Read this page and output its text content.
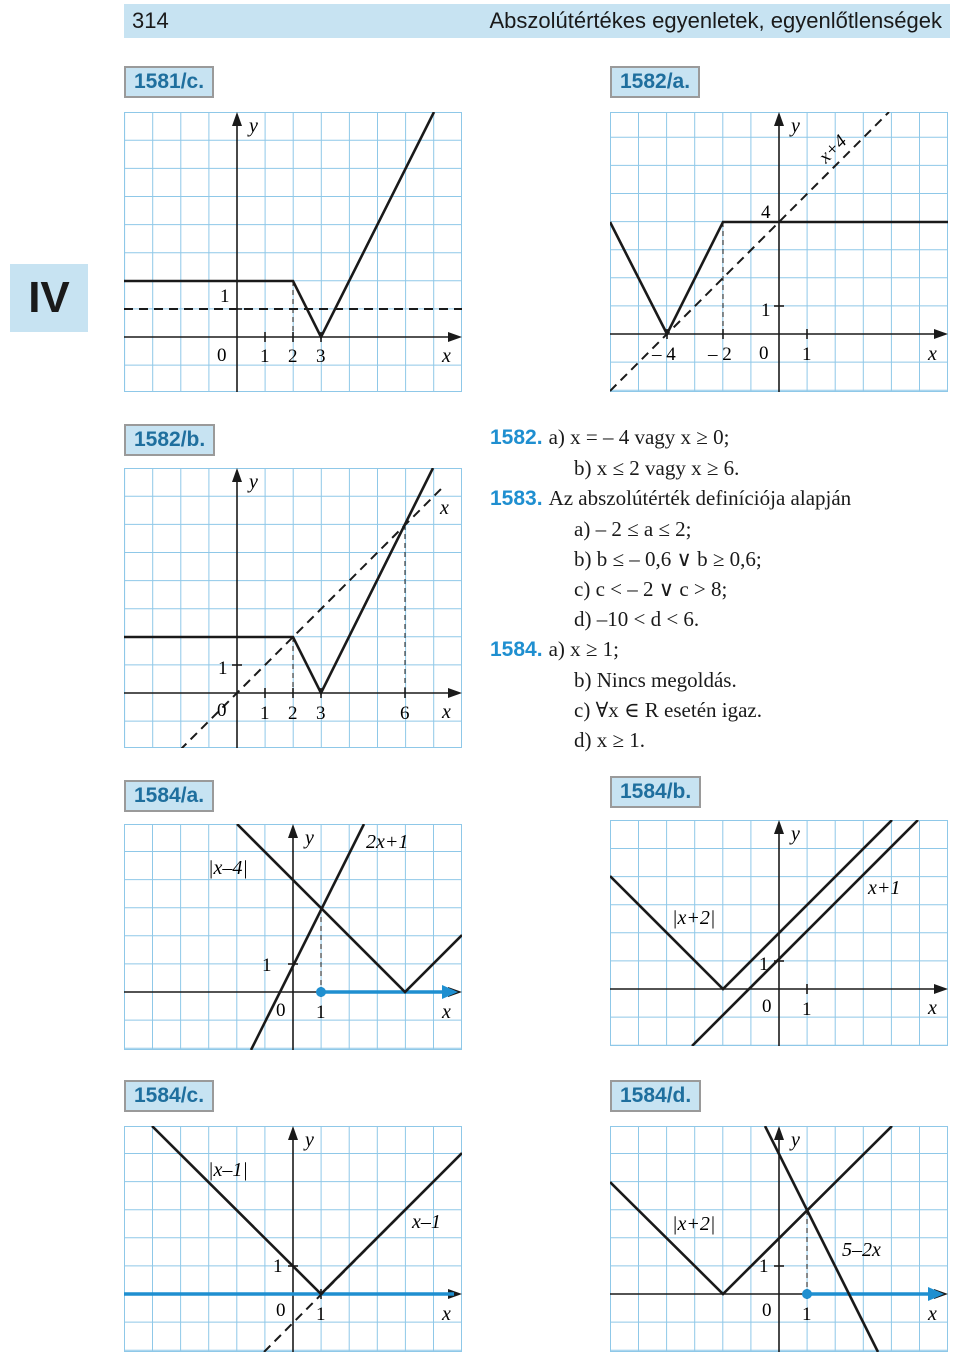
314	Abszolútértékes egyenletek, egyenlőtlenségek
IV
1581/c.	1582/a.
1582/b.
1584/a.	1584/b.
1584/c.	1584/d.
y
x
0 1 2 3
1
x+4
y
x
– 4 – 2 0 1
1
4
x
y
x
0 1 2 3	6
1
1582. a) x = – 4 vagy x ≥ 0;
b) x ≤ 2 vagy x ≥ 6.
1583. Az abszolútérték definíciója alapján
a) – 2 ≤ a ≤ 2;
b) b ≤ – 0,6 ∨ b ≥ 0,6;
c) c < – 2 ∨ c > 8;
d) –10 < d < 6.
1584. a) x ≥ 1;
b) Nincs megoldás.
c) ∀x ∈ R esetén igaz.
d) x ≥ 1.
|x–4|
2x+1
y
x
0 1
1
|x+2|
x+1
y
x
0 1
1
|x–1|
x–1
y
x
0 1
1
|x+2|
5–2x
y
x
0 1
1
